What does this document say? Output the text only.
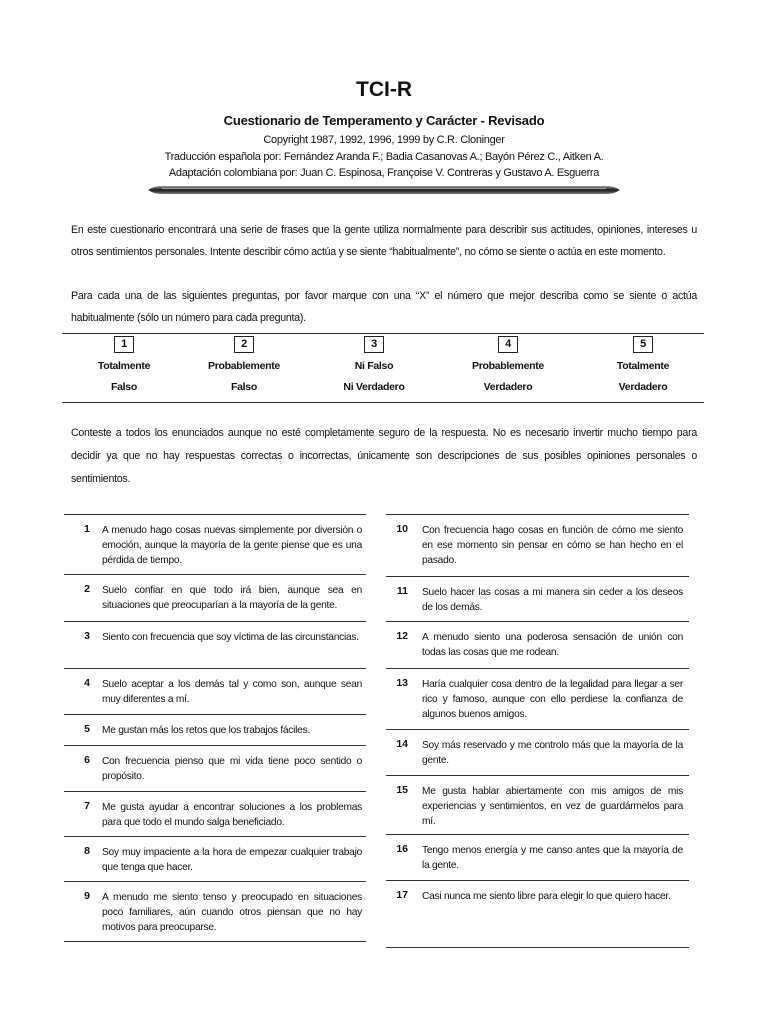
TCI-R
Cuestionario de Temperamento y Carácter - Revisado
Copyright 1987, 1992, 1996, 1999 by C.R. Cloninger
Traducción española por: Fernández Aranda F.; Badia Casanovas A.; Bayón Pérez C., Aitken A.
Adaptación colombiana por: Juan C. Espinosa, Françoise V. Contreras y Gustavo A. Esguerra
En este cuestionario encontrará una serie de frases que la gente utiliza normalmente para describir sus actitudes, opiniones, intereses u otros sentimientos personales. Intente describir cómo actúa y se siente “habitualmente”, no cómo se siente o actúa en este momento.
Para cada una de las siguientes preguntas, por favor marque con una “X” el número que mejor describa como se siente o actúa habitualmente (sólo un número para cada pregunta).
1
Totalmente
Falso
2
Probablemente
Falso
3
Ni Falso
Ni Verdadero
4
Probablemente
Verdadero
5
Totalmente
Verdadero
Conteste a todos los enunciados aunque no esté completamente seguro de la respuesta. No es necesario invertir mucho tiempo para decidir ya que no hay respuestas correctas o incorrectas, únicamente son descripciones de sus posibles opiniones personales o sentimientos.
1 A menudo hago cosas nuevas simplemente por diversión o emoción, aunque la mayoría de la gente piense que es una pérdida de tiempo.
2 Suelo confiar en que todo irá bien, aunque sea en situaciones que preocuparían a la mayoría de la gente.
3 Siento con frecuencia que soy víctima de las circunstancias.
4 Suelo aceptar a los demás tal y como son, aunque sean muy diferentes a mí.
5 Me gustan más los retos que los trabajos fáciles.
6 Con frecuencia pienso que mi vida tiene poco sentido o propósito.
7 Me gusta ayudar a encontrar soluciones a los problemas para que todo el mundo salga beneficiado.
8 Soy muy impaciente a la hora de empezar cualquier trabajo que tenga que hacer.
9 A menudo me siento tenso y preocupado en situaciones poco familiares, aún cuando otros piensan que no hay motivos para preocuparse.
10 Con frecuencia hago cosas en función de cómo me siento en ese momento sin pensar en cómo se han hecho en el pasado.
11 Suelo hacer las cosas a mi manera sin ceder a los deseos de los demás.
12 A menudo siento una poderosa sensación de unión con todas las cosas que me rodean.
13 Haría cualquier cosa dentro de la legalidad para llegar a ser rico y famoso, aunque con ello perdiese la confianza de algunos buenos amigos.
14 Soy más reservado y me controlo más que la mayoría de la gente.
15 Me gusta hablar abiertamente con mis amigos de mis experiencias y sentimientos, en vez de guardármelos para mí.
16 Tengo menos energía y me canso antes que la mayoría de la gente.
17 Casi nunca me siento libre para elegir lo que quiero hacer.
